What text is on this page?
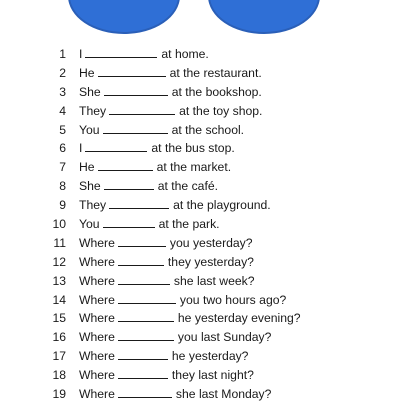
1 I	at home.
2 He	at the restaurant.
3 She	at the bookshop.
4 They	at the toy shop.
5 You	at the school.
6 I	at the bus stop.
7 He	at the market.
8 She	at the café.
9 They	at the playground.
10 You	at the park.
11 Where	you yesterday?
12 Where	they yesterday?
13 Where	she last week?
14 Where	you two hours ago?
15 Where	he yesterday evening?
16 Where	you last Sunday?
17 Where	he yesterday?
18 Where	they last night?
19 Where	she last Monday?
